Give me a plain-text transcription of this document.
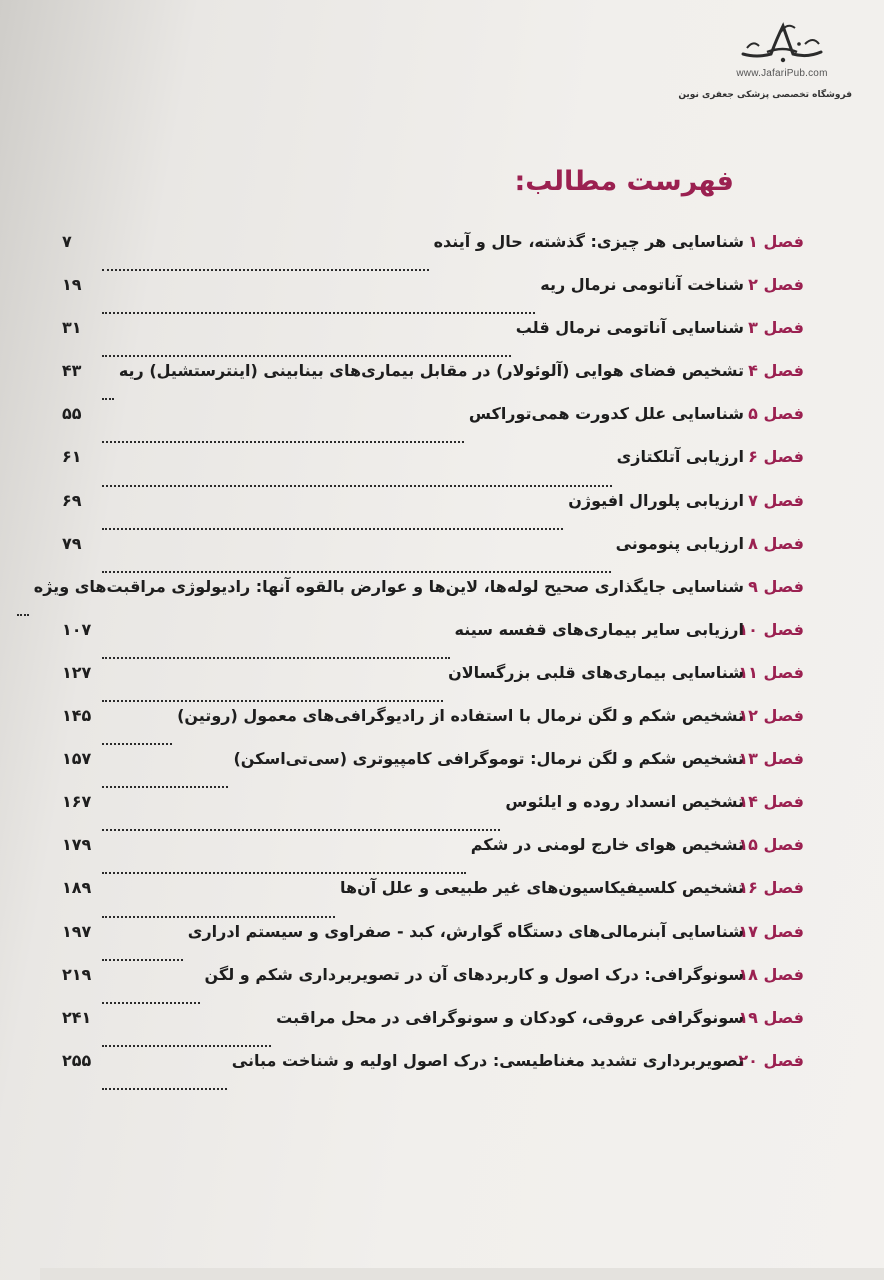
www.JafariPub.com
فروشگاه تخصصی پزشکی جعفری نوین
فهرست مطالب:
فصل ۱
شناسایی هر چیزی: گذشته، حال و آینده
۷
فصل ۲
شناخت آناتومی نرمال ریه
۱۹
فصل ۳
شناسایی آناتومی نرمال قلب
۳۱
فصل ۴
تشخیص فضای هوایی (آلوئولار) در مقابل بیماری‌های بینابینی (اینترستشیل) ریه
۴۳
فصل ۵
شناسایی علل کدورت همی‌توراکس
۵۵
فصل ۶
ارزیابی آتلکتازی
۶۱
فصل ۷
ارزیابی پلورال افیوژن
۶۹
فصل ۸
ارزیابی پنومونی
۷۹
فصل ۹
شناسایی جایگذاری صحیح لوله‌ها، لاین‌ها و عوارض بالقوه آنها: رادیولوژی مراقبت‌های ویژه
فصل ۱۰
ارزیابی سایر بیماری‌های قفسه سینه
۱۰۷
فصل ۱۱
شناسایی بیماری‌های قلبی بزرگسالان
۱۲۷
فصل ۱۲
تشخیص شکم و لگن نرمال با استفاده از رادیوگرافی‌های معمول (روتین)
۱۴۵
فصل ۱۳
تشخیص شکم و لگن نرمال: توموگرافی کامپیوتری (سی‌تی‌اسکن)
۱۵۷
فصل ۱۴
تشخیص انسداد روده و ایلئوس
۱۶۷
فصل ۱۵
تشخیص هوای خارج لومنی در شکم
۱۷۹
فصل ۱۶
تشخیص کلسیفیکاسیون‌های غیر طبیعی و علل آن‌ها
۱۸۹
فصل ۱۷
شناسایی آبنرمالی‌های دستگاه گوارش، کبد - صفراوی و سیستم ادراری
۱۹۷
فصل ۱۸
سونوگرافی: درک اصول و کاربردهای آن در تصویربرداری شکم و لگن
۲۱۹
فصل ۱۹
سونوگرافی عروقی، کودکان و سونوگرافی در محل مراقبت
۲۴۱
فصل ۲۰
تصویربرداری تشدید مغناطیسی: درک اصول اولیه و شناخت مبانی
۲۵۵
